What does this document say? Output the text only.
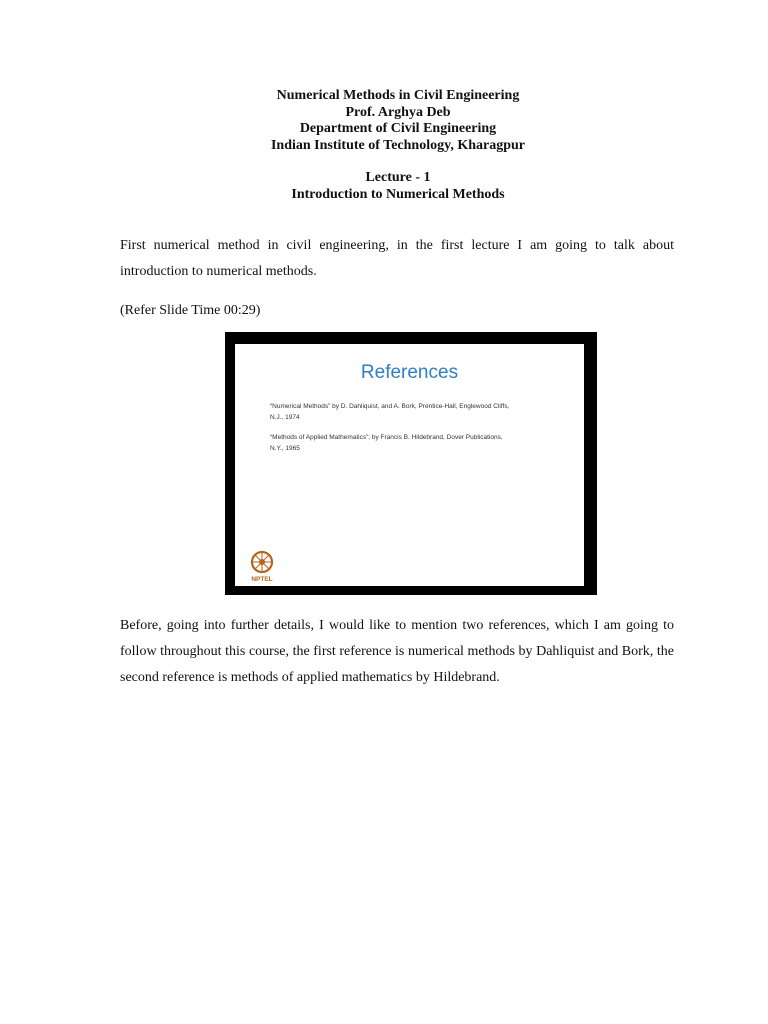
Numerical Methods in Civil Engineering
Prof. Arghya Deb
Department of Civil Engineering
Indian Institute of Technology, Kharagpur
Lecture - 1
Introduction to Numerical Methods
First numerical method in civil engineering, in the first lecture I am going to talk about introduction to numerical methods.
(Refer Slide Time 00:29)
References
“Numerical Methods” by D. Dahliquist, and A. Bork, Prentice-Hall, Englewood Cliffs, N.J., 1974
“Methods of Applied Mathematics”; by Francis B. Hildebrand, Dover Publications, N.Y., 1965
NPTEL
Before, going into further details, I would like to mention two references, which I am going to follow throughout this course, the first reference is numerical methods by Dahliquist and Bork, the second reference is methods of applied mathematics by Hildebrand.
